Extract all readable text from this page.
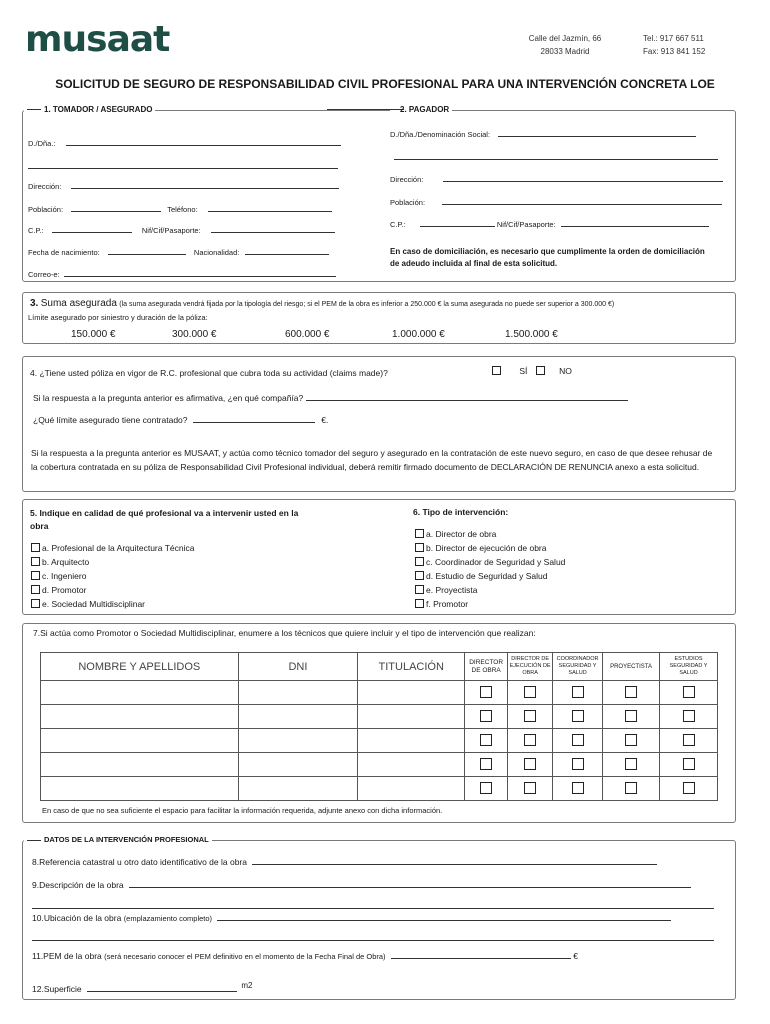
musaat	Calle del Jazmín, 66
28033 Madrid
Tel.: 917 667 511
Fax: 913 841 152
SOLICITUD DE SEGURO DE RESPONSABILIDAD CIVIL PROFESIONAL PARA UNA INTERVENCIÓN CONCRETA LOE
1. TOMADOR / ASEGURADO	2. PAGADOR
D./Dña.:
Dirección:
Población:	Teléfono:
C.P.:	Nif/Cif/Pasaporte:
Fecha de nacimiento:	Nacionalidad:
Correo-e:
D./Dña./Denominación Social:
Dirección:
Población:
C.P.:	Nif/Cif/Pasaporte:
En caso de domiciliación, es necesario que cumplimente la orden de domiciliación de adeudo incluida al final de esta solicitud.
3. Suma asegurada (la suma asegurada vendrá fijada por la tipología del riesgo; si el PEM de la obra es inferior a 250.000 € la suma asegurada no puede ser superior a 300.000 €)
Límite asegurado por siniestro y duración de la póliza:
150.000 €	300.000 €	600.000 €	1.000.000 €	1.500.000 €
4. ¿Tiene usted póliza en vigor de R.C. profesional que cubra toda su actividad (claims made)?	SÍ	NO
Si la respuesta a la pregunta anterior es afirmativa, ¿en qué compañía?
¿Qué límite asegurado tiene contratado?	€.
Si la respuesta a la pregunta anterior es MUSAAT, y actúa como técnico tomador del seguro y asegurado en la contratación de este nuevo seguro, en caso de que desee rehusar de la cobertura contratada en su póliza de Responsabilidad Civil Profesional individual, deberá remitir firmado documento de DECLARACIÓN DE RENUNCIA anexo a esta solicitud.
5. Indique en calidad de qué profesional va a intervenir usted en la obra
a. Profesional de la Arquitectura Técnica
b. Arquitecto
c. Ingeniero
d. Promotor
e. Sociedad Multidisciplinar
6. Tipo de intervención:
a. Director de obra
b. Director de ejecución de obra
c. Coordinador de Seguridad y Salud
d. Estudio de Seguridad y Salud
e. Proyectista
f. Promotor
7.Si actúa como Promotor o Sociedad Multidisciplinar, enumere a los técnicos que quiere incluir y el tipo de intervención que realizan:
NOMBRE Y APELLIDOS	DNI	TITULACIÓN	DIRECTOR DE OBRA	DIRECTOR DE EJECUCIÓN DE OBRA	COORDINADOR SEGURIDAD Y SALUD	PROYECTISTA	ESTUDIOS SEGURIDAD Y SALUD

En caso de que no sea suficiente el espacio para facilitar la información requerida, adjunte anexo con dicha información.
DATOS DE LA INTERVENCIÓN PROFESIONAL
8.Referencia catastral u otro dato identificativo de la obra
9.Descripción de la obra
10.Ubicación de la obra (emplazamiento completo)
11.PEM de la obra (será necesario conocer el PEM definitivo en el momento de la Fecha Final de Obra)	€
12.Superficie	m2
